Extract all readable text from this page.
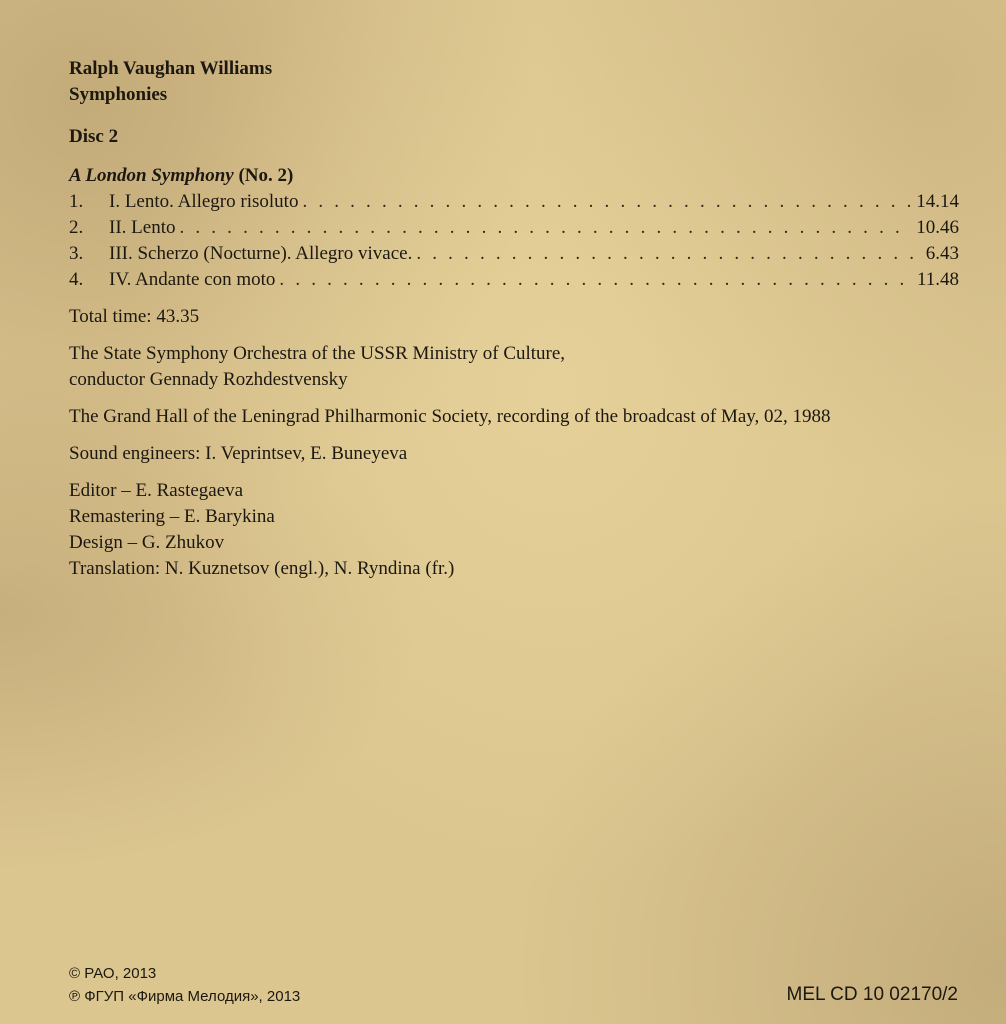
Ralph Vaughan Williams
Symphonies
Disc 2
A London Symphony (No. 2)
1.	I. Lento. Allegro risoluto . . .	14.14
2.	II. Lento . . .	10.46
3.	III. Scherzo (Nocturne). Allegro vivace. . . .	6.43
4.	IV. Andante con moto . . .	11.48
Total time: 43.35
The State Symphony Orchestra of the USSR Ministry of Culture,
conductor Gennady Rozhdestvensky
The Grand Hall of the Leningrad Philharmonic Society, recording of the broadcast of May, 02, 1988
Sound engineers: I. Veprintsev, E. Buneyeva
Editor – E. Rastegaeva
Remastering – E. Barykina
Design – G. Zhukov
Translation: N. Kuznetsov (engl.), N. Ryndina (fr.)
© РАО, 2013
℗ ФГУП «Фирма Мелодия», 2013	MEL CD 10 02170/2
